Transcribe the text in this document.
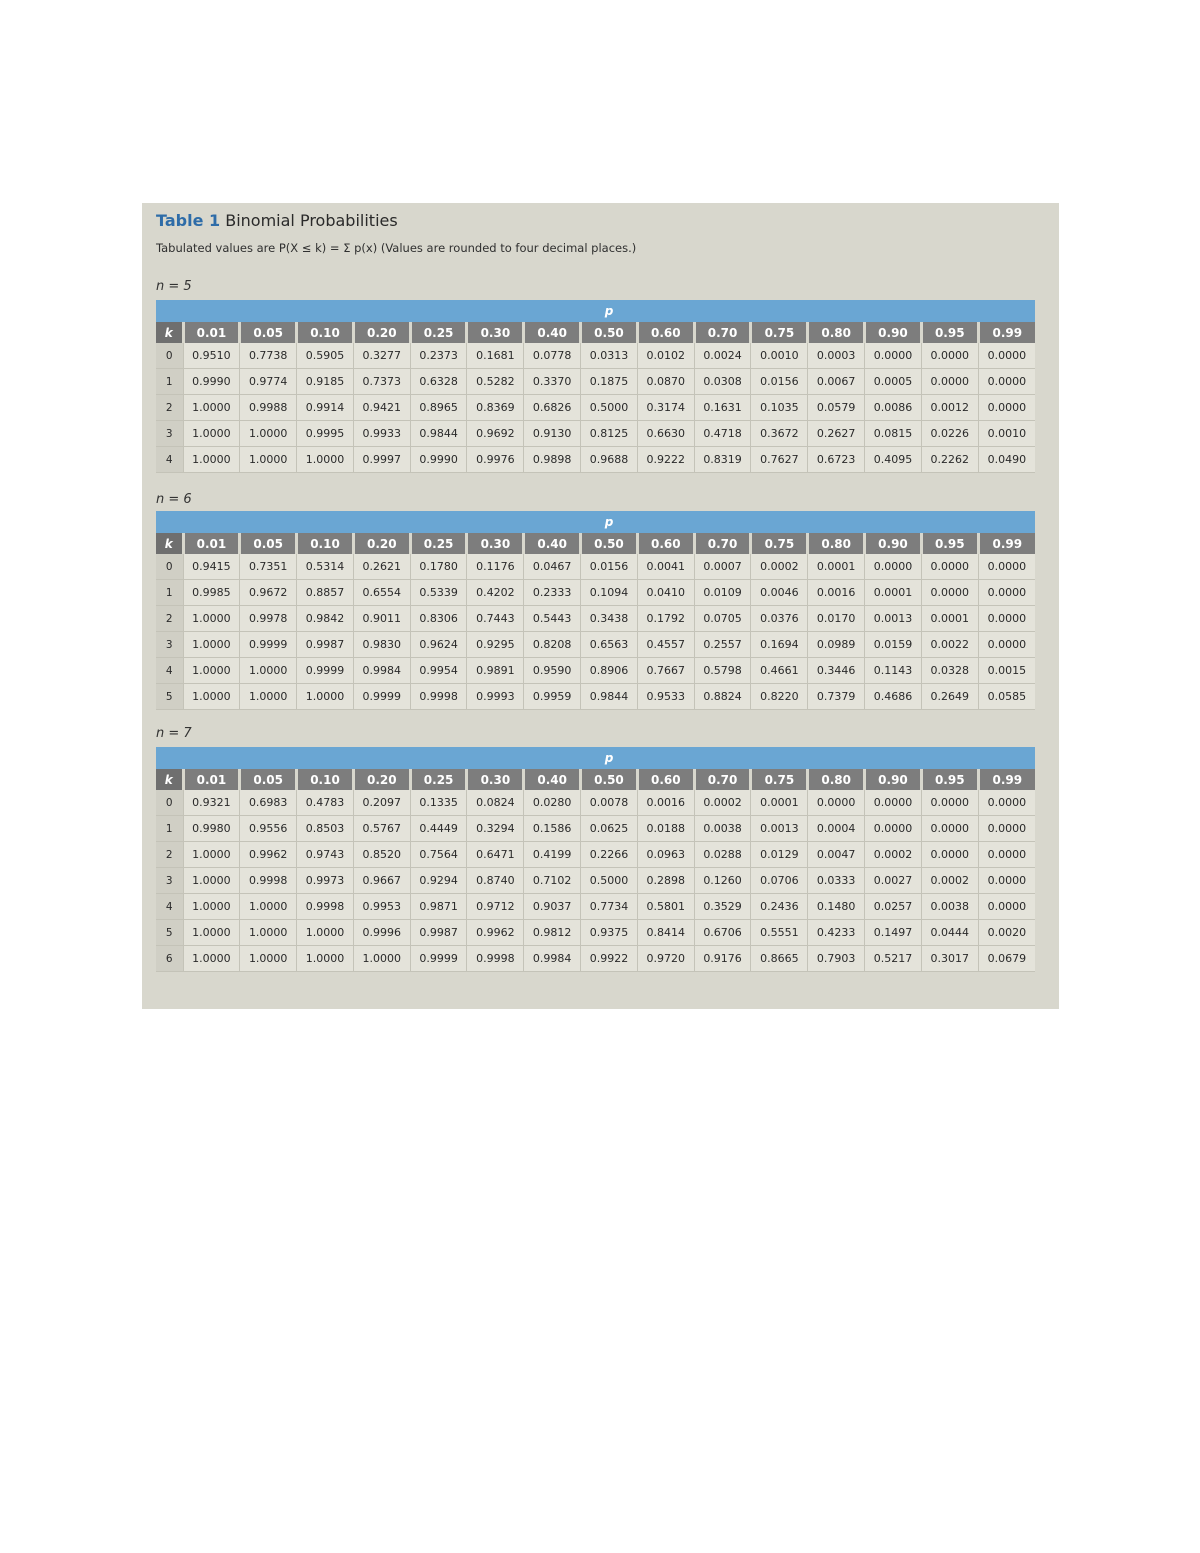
Table 1 Binomial Probabilities
Tabulated values are P(X ≤ k) = Σ p(x) (Values are rounded to four decimal places.)
n = 5
	p														
k	0.01	0.05	0.10	0.20	0.25	0.30	0.40	0.50	0.60	0.70	0.75	0.80	0.90	0.95	0.99
0	0.9510	0.7738	0.5905	0.3277	0.2373	0.1681	0.0778	0.0313	0.0102	0.0024	0.0010	0.0003	0.0000	0.0000	0.0000
1	0.9990	0.9774	0.9185	0.7373	0.6328	0.5282	0.3370	0.1875	0.0870	0.0308	0.0156	0.0067	0.0005	0.0000	0.0000
2	1.0000	0.9988	0.9914	0.9421	0.8965	0.8369	0.6826	0.5000	0.3174	0.1631	0.1035	0.0579	0.0086	0.0012	0.0000
3	1.0000	1.0000	0.9995	0.9933	0.9844	0.9692	0.9130	0.8125	0.6630	0.4718	0.3672	0.2627	0.0815	0.0226	0.0010
4	1.0000	1.0000	1.0000	0.9997	0.9990	0.9976	0.9898	0.9688	0.9222	0.8319	0.7627	0.6723	0.4095	0.2262	0.0490
n = 6
	p														
k	0.01	0.05	0.10	0.20	0.25	0.30	0.40	0.50	0.60	0.70	0.75	0.80	0.90	0.95	0.99
0	0.9415	0.7351	0.5314	0.2621	0.1780	0.1176	0.0467	0.0156	0.0041	0.0007	0.0002	0.0001	0.0000	0.0000	0.0000
1	0.9985	0.9672	0.8857	0.6554	0.5339	0.4202	0.2333	0.1094	0.0410	0.0109	0.0046	0.0016	0.0001	0.0000	0.0000
2	1.0000	0.9978	0.9842	0.9011	0.8306	0.7443	0.5443	0.3438	0.1792	0.0705	0.0376	0.0170	0.0013	0.0001	0.0000
3	1.0000	0.9999	0.9987	0.9830	0.9624	0.9295	0.8208	0.6563	0.4557	0.2557	0.1694	0.0989	0.0159	0.0022	0.0000
4	1.0000	1.0000	0.9999	0.9984	0.9954	0.9891	0.9590	0.8906	0.7667	0.5798	0.4661	0.3446	0.1143	0.0328	0.0015
5	1.0000	1.0000	1.0000	0.9999	0.9998	0.9993	0.9959	0.9844	0.9533	0.8824	0.8220	0.7379	0.4686	0.2649	0.0585
n = 7
	p														
k	0.01	0.05	0.10	0.20	0.25	0.30	0.40	0.50	0.60	0.70	0.75	0.80	0.90	0.95	0.99
0	0.9321	0.6983	0.4783	0.2097	0.1335	0.0824	0.0280	0.0078	0.0016	0.0002	0.0001	0.0000	0.0000	0.0000	0.0000
1	0.9980	0.9556	0.8503	0.5767	0.4449	0.3294	0.1586	0.0625	0.0188	0.0038	0.0013	0.0004	0.0000	0.0000	0.0000
2	1.0000	0.9962	0.9743	0.8520	0.7564	0.6471	0.4199	0.2266	0.0963	0.0288	0.0129	0.0047	0.0002	0.0000	0.0000
3	1.0000	0.9998	0.9973	0.9667	0.9294	0.8740	0.7102	0.5000	0.2898	0.1260	0.0706	0.0333	0.0027	0.0002	0.0000
4	1.0000	1.0000	0.9998	0.9953	0.9871	0.9712	0.9037	0.7734	0.5801	0.3529	0.2436	0.1480	0.0257	0.0038	0.0000
5	1.0000	1.0000	1.0000	0.9996	0.9987	0.9962	0.9812	0.9375	0.8414	0.6706	0.5551	0.4233	0.1497	0.0444	0.0020
6	1.0000	1.0000	1.0000	1.0000	0.9999	0.9998	0.9984	0.9922	0.9720	0.9176	0.8665	0.7903	0.5217	0.3017	0.0679
